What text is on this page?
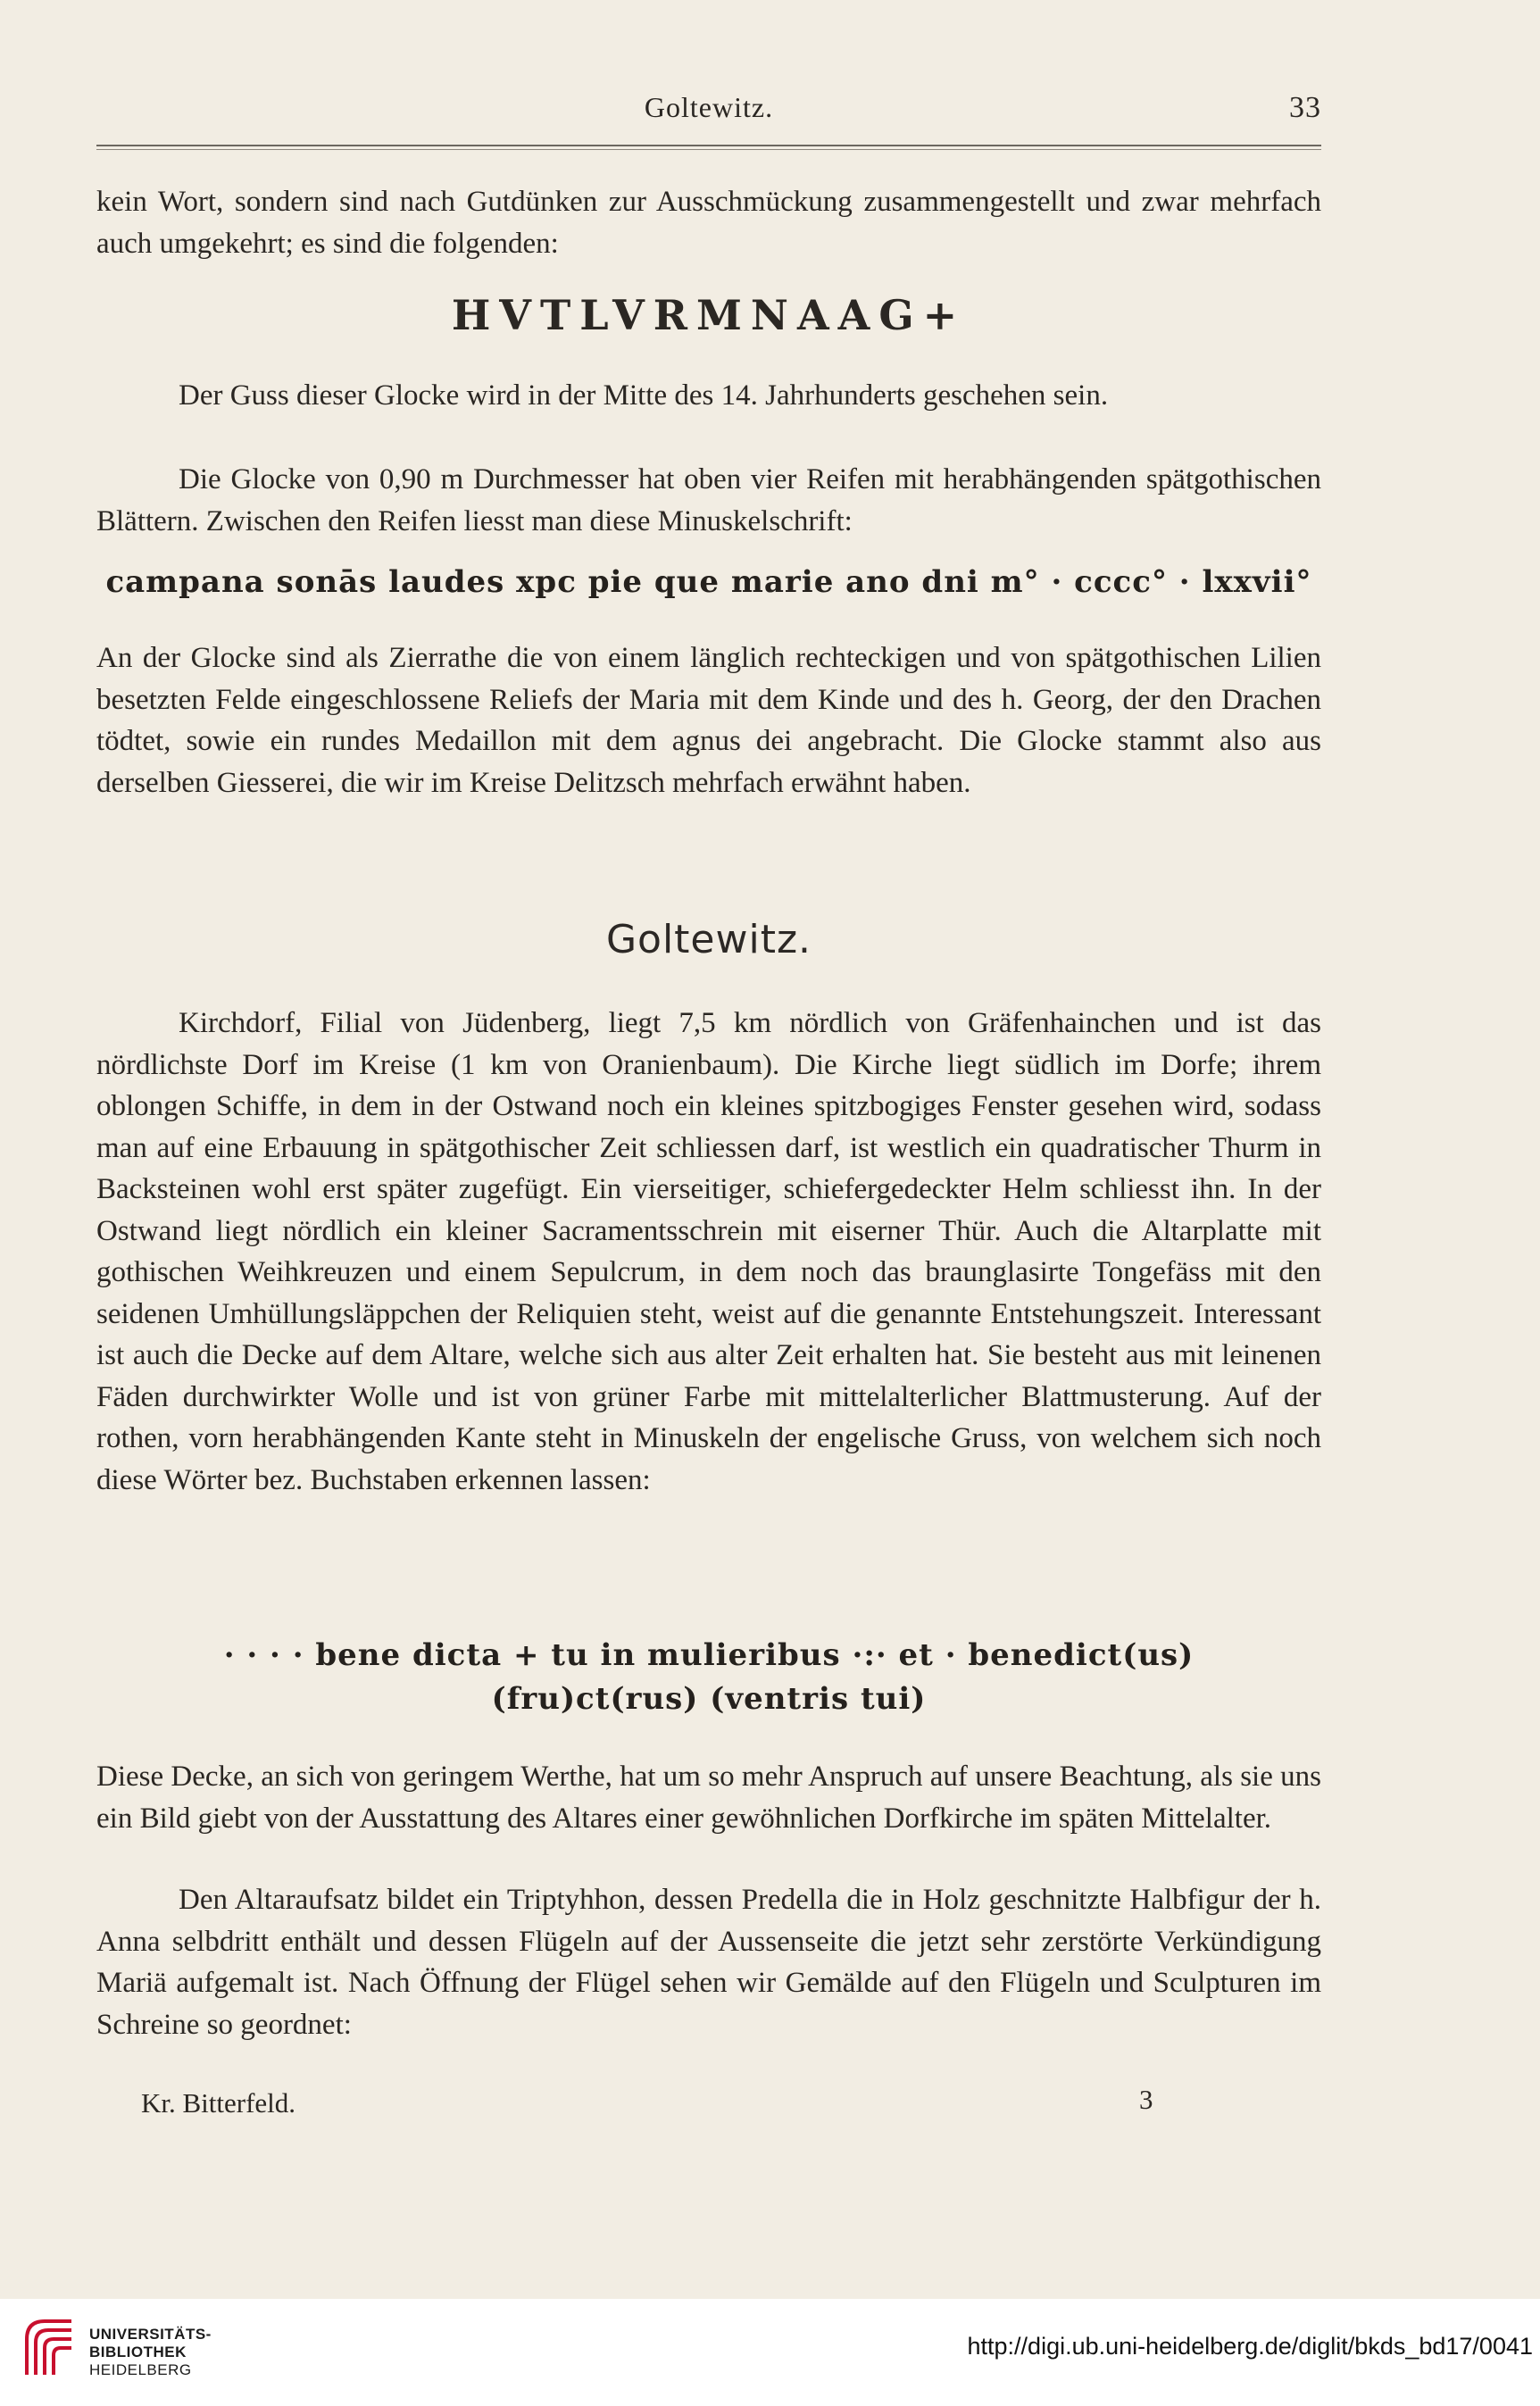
Goltewitz.	33

kein Wort, sondern sind nach Gutdünken zur Ausschmückung zusammengestellt und zwar mehrfach auch umgekehrt; es sind die folgenden:

HVTLVRMNAAG+

Der Guss dieser Glocke wird in der Mitte des 14. Jahrhunderts geschehen sein.

Die Glocke von 0,90 m Durchmesser hat oben vier Reifen mit herabhängenden spätgothischen Blättern. Zwischen den Reifen liesst man diese Minuskelschrift:

campana sonās laudes xpc pie que marie ano dni m° · cccc° · lxxvii°

An der Glocke sind als Zierrathe die von einem länglich rechteckigen und von spätgothischen Lilien besetzten Felde eingeschlossene Reliefs der Maria mit dem Kinde und des h. Georg, der den Drachen tödtet, sowie ein rundes Medaillon mit dem agnus dei angebracht. Die Glocke stammt also aus derselben Giesserei, die wir im Kreise Delitzsch mehrfach erwähnt haben.

Goltewitz.

Kirchdorf, Filial von Jüdenberg, liegt 7,5 km nördlich von Gräfenhainchen und ist das nördlichste Dorf im Kreise (1 km von Oranienbaum). Die Kirche liegt südlich im Dorfe; ihrem oblongen Schiffe, in dem in der Ostwand noch ein kleines spitzbogiges Fenster gesehen wird, sodass man auf eine Erbauung in spätgothischer Zeit schliessen darf, ist westlich ein quadratischer Thurm in Backsteinen wohl erst später zugefügt. Ein vierseitiger, schiefergedeckter Helm schliesst ihn. In der Ostwand liegt nördlich ein kleiner Sacramentsschrein mit eiserner Thür. Auch die Altarplatte mit gothischen Weihkreuzen und einem Sepulcrum, in dem noch das braunglasirte Tongefäss mit den seidenen Umhüllungsläppchen der Reliquien steht, weist auf die genannte Entstehungszeit. Interessant ist auch die Decke auf dem Altare, welche sich aus alter Zeit erhalten hat. Sie besteht aus mit leinenen Fäden durchwirkter Wolle und ist von grüner Farbe mit mittelalterlicher Blattmusterung. Auf der rothen, vorn herabhängenden Kante steht in Minuskeln der engelische Gruss, von welchem sich noch diese Wörter bez. Buchstaben erkennen lassen:

· · · · bene dicta + tu in mulieribus ·:· et · benedict(us)
(fru)ct(rus) (ventris tui)

Diese Decke, an sich von geringem Werthe, hat um so mehr Anspruch auf unsere Beachtung, als sie uns ein Bild giebt von der Ausstattung des Altares einer gewöhnlichen Dorfkirche im späten Mittelalter.

Den Altaraufsatz bildet ein Triptyhhon, dessen Predella die in Holz geschnitzte Halbfigur der h. Anna selbdritt enthält und dessen Flügeln auf der Aussenseite die jetzt sehr zerstörte Verkündigung Mariä aufgemalt ist. Nach Öffnung der Flügel sehen wir Gemälde auf den Flügeln und Sculpturen im Schreine so geordnet:

Kr. Bitterfeld.	3
UNIVERSITÄTS-
BIBLIOTHEK
HEIDELBERG
http://digi.ub.uni-heidelberg.de/diglit/bkds_bd17/0041
